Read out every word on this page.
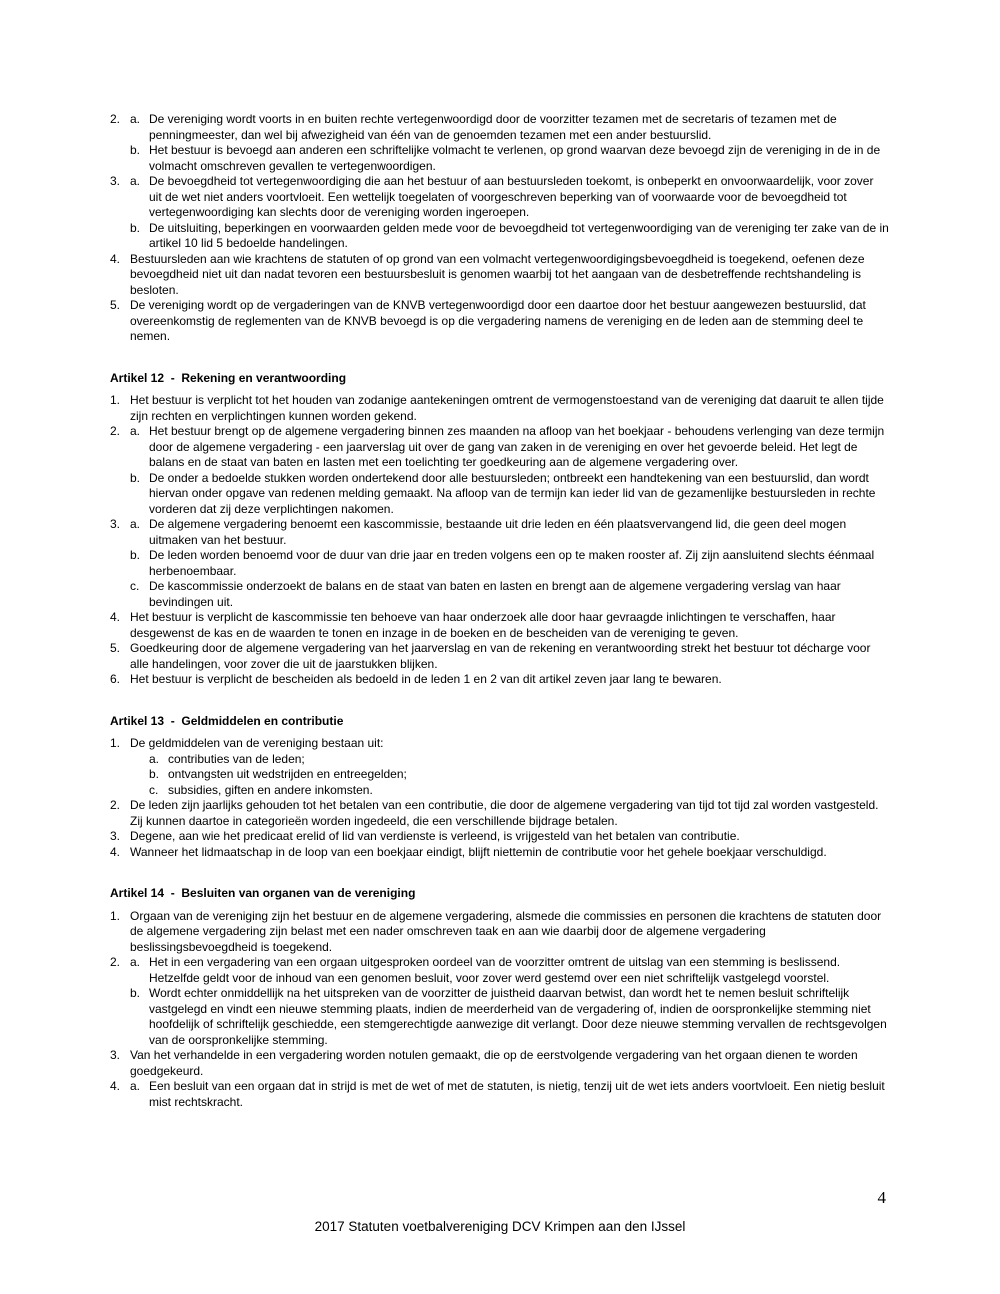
2. a. De vereniging wordt voorts in en buiten rechte vertegenwoordigd door de voorzitter tezamen met de secretaris of tezamen met de penningmeester, dan wel bij afwezigheid van één van de genoemden tezamen met een ander bestuurslid.
b. Het bestuur is bevoegd aan anderen een schriftelijke volmacht te verlenen, op grond waarvan deze bevoegd zijn de vereniging in de in de volmacht omschreven gevallen te vertegenwoordigen.
3. a. De bevoegdheid tot vertegenwoordiging die aan het bestuur of aan bestuursleden toekomt, is onbeperkt en onvoorwaardelijk, voor zover uit de wet niet anders voortvloeit. Een wettelijk toegelaten of voorgeschreven beperking van of voorwaarde voor de bevoegdheid tot vertegenwoordiging kan slechts door de vereniging worden ingeroepen.
b. De uitsluiting, beperkingen en voorwaarden gelden mede voor de bevoegdheid tot vertegenwoordiging van de vereniging ter zake van de in artikel 10 lid 5 bedoelde handelingen.
4. Bestuursleden aan wie krachtens de statuten of op grond van een volmacht vertegenwoordigingsbevoegdheid is toegekend, oefenen deze bevoegdheid niet uit dan nadat tevoren een bestuursbesluit is genomen waarbij tot het aangaan van de desbetreffende rechtshandeling is besloten.
5. De vereniging wordt op de vergaderingen van de KNVB vertegenwoordigd door een daartoe door het bestuur aangewezen bestuurslid, dat overeenkomstig de reglementen van de KNVB bevoegd is op die vergadering namens de vereniging en de leden aan de stemming deel te nemen.
Artikel 12  -  Rekening en verantwoording
1. Het bestuur is verplicht tot het houden van zodanige aantekeningen omtrent de vermogenstoestand van de vereniging dat daaruit te allen tijde zijn rechten en verplichtingen kunnen worden gekend.
2. a. Het bestuur brengt op de algemene vergadering binnen zes maanden na afloop van het boekjaar - behoudens verlenging van deze termijn door de algemene vergadering - een jaarverslag uit over de gang van zaken in de vereniging en over het gevoerde beleid. Het legt de balans en de staat van baten en lasten met een toelichting ter goedkeuring aan de algemene vergadering over.
b. De onder a bedoelde stukken worden ondertekend door alle bestuursleden; ontbreekt een handtekening van een bestuurslid, dan wordt hiervan onder opgave van redenen melding gemaakt. Na afloop van de termijn kan ieder lid van de gezamenlijke bestuursleden in rechte vorderen dat zij deze verplichtingen nakomen.
3. a. De algemene vergadering benoemt een kascommissie, bestaande uit drie leden en één plaatsvervangend lid, die geen deel mogen uitmaken van het bestuur.
b. De leden worden benoemd voor de duur van drie jaar en treden volgens een op te maken rooster af. Zij zijn aansluitend slechts éénmaal herbenoembaar.
c. De kascommissie onderzoekt de balans en de staat van baten en lasten en brengt aan de algemene vergadering verslag van haar bevindingen uit.
4. Het bestuur is verplicht de kascommissie ten behoeve van haar onderzoek alle door haar gevraagde inlichtingen te verschaffen, haar desgewenst de kas en de waarden te tonen en inzage in de boeken en de bescheiden van de vereniging te geven.
5. Goedkeuring door de algemene vergadering van het jaarverslag en van de rekening en verantwoording strekt het bestuur tot décharge voor alle handelingen, voor zover die uit de jaarstukken blijken.
6. Het bestuur is verplicht de bescheiden als bedoeld in de leden 1 en 2 van dit artikel zeven jaar lang te bewaren.
Artikel 13  -  Geldmiddelen en contributie
1. De geldmiddelen van de vereniging bestaan uit:
a. contributies van de leden;
b. ontvangsten uit wedstrijden en entreegelden;
c. subsidies, giften en andere inkomsten.
2. De leden zijn jaarlijks gehouden tot het betalen van een contributie, die door de algemene vergadering van tijd tot tijd zal worden vastgesteld. Zij kunnen daartoe in categorieën worden ingedeeld, die een verschillende bijdrage betalen.
3. Degene, aan wie het predicaat erelid of lid van verdienste is verleend, is vrijgesteld van het betalen van contributie.
4. Wanneer het lidmaatschap in de loop van een boekjaar eindigt, blijft niettemin de contributie voor het gehele boekjaar verschuldigd.
Artikel 14  -  Besluiten van organen van de vereniging
1. Orgaan van de vereniging zijn het bestuur en de algemene vergadering, alsmede die commissies en personen die krachtens de statuten door de algemene vergadering zijn belast met een nader omschreven taak en aan wie daarbij door de algemene vergadering beslissingsbevoegdheid is toegekend.
2. a. Het in een vergadering van een orgaan uitgesproken oordeel van de voorzitter omtrent de uitslag van een stemming is beslissend. Hetzelfde geldt voor de inhoud van een genomen besluit, voor zover werd gestemd over een niet schriftelijk vastgelegd voorstel.
b. Wordt echter onmiddellijk na het uitspreken van de voorzitter de juistheid daarvan betwist, dan wordt het te nemen besluit schriftelijk vastgelegd en vindt een nieuwe stemming plaats, indien de meerderheid van de vergadering of, indien de oorspronkelijke stemming niet hoofdelijk of schriftelijk geschiedde, een stemgerechtigde aanwezige dit verlangt. Door deze nieuwe stemming vervallen de rechtsgevolgen van de oorspronkelijke stemming.
3. Van het verhandelde in een vergadering worden notulen gemaakt, die op de eerstvolgende vergadering van het orgaan dienen te worden goedgekeurd.
4. a. Een besluit van een orgaan dat in strijd is met de wet of met de statuten, is nietig, tenzij uit de wet iets anders voortvloeit. Een nietig besluit mist rechtskracht.
4
2017 Statuten voetbalvereniging DCV Krimpen aan den IJssel
